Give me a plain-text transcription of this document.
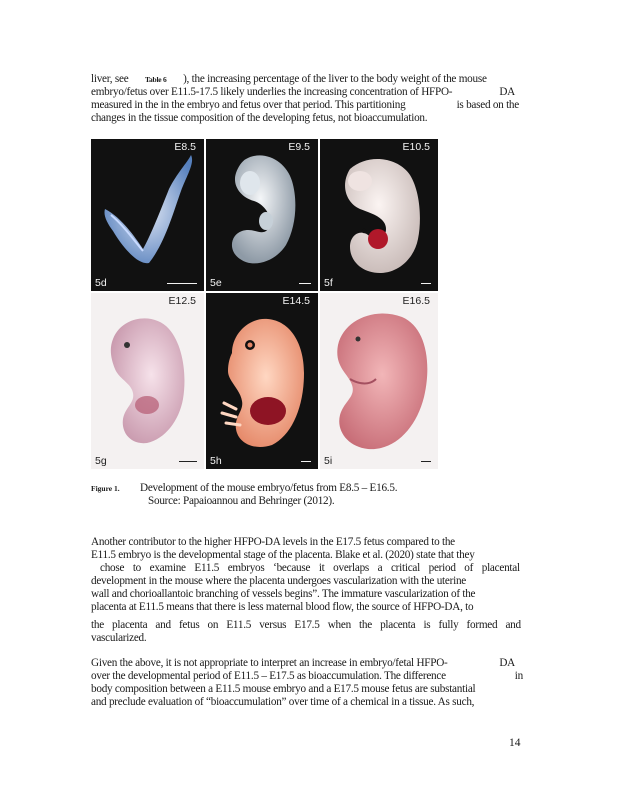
liver, see Table 6 ), the increasing percentage of the liver to the body weight of the mouse
embryo/fetus over E11.5-17.5 likely underlies the increasing concentration of HFPO-	DA
measured in the in the embryo and fetus over that period. This partitioning	is based on the
changes in the tissue composition of the developing fetus, not bioaccumulation.
E8.5
5d
E9.5
5e
E10.5
5f
E12.5
5g
E14.5
5h
E16.5
5i
Figure 1. Development of the mouse embryo/fetus from E8.5 – E16.5.
Source: Papaioannou and Behringer (2012).
Another contributor to the higher HFPO-DA levels in the E17.5 fetus compared to the
E11.5 embryo is the developmental stage of the placenta. Blake et al. (2020) state that they
chose to examine E11.5 embryos ‘because it overlaps a critical period of placental
development in the mouse where the placenta undergoes vascularization with the uterine
wall and chorioallantoic branching of vessels begins”. The immature vascularization of the
placenta at E11.5 means that there is less maternal blood flow, the source of HFPO-DA, to
the placenta and fetus on E11.5 versus E17.5 when the placenta is fully formed and
vascularized.
Given the above, it is not appropriate to interpret an increase in embryo/fetal HFPO-	DA
over the developmental period of E11.5 – E17.5 as bioaccumulation. The difference	in
body composition between a E11.5 mouse embryo and a E17.5 mouse fetus are substantial
and preclude evaluation of “bioaccumulation” over time of a chemical in a tissue. As such,
14
